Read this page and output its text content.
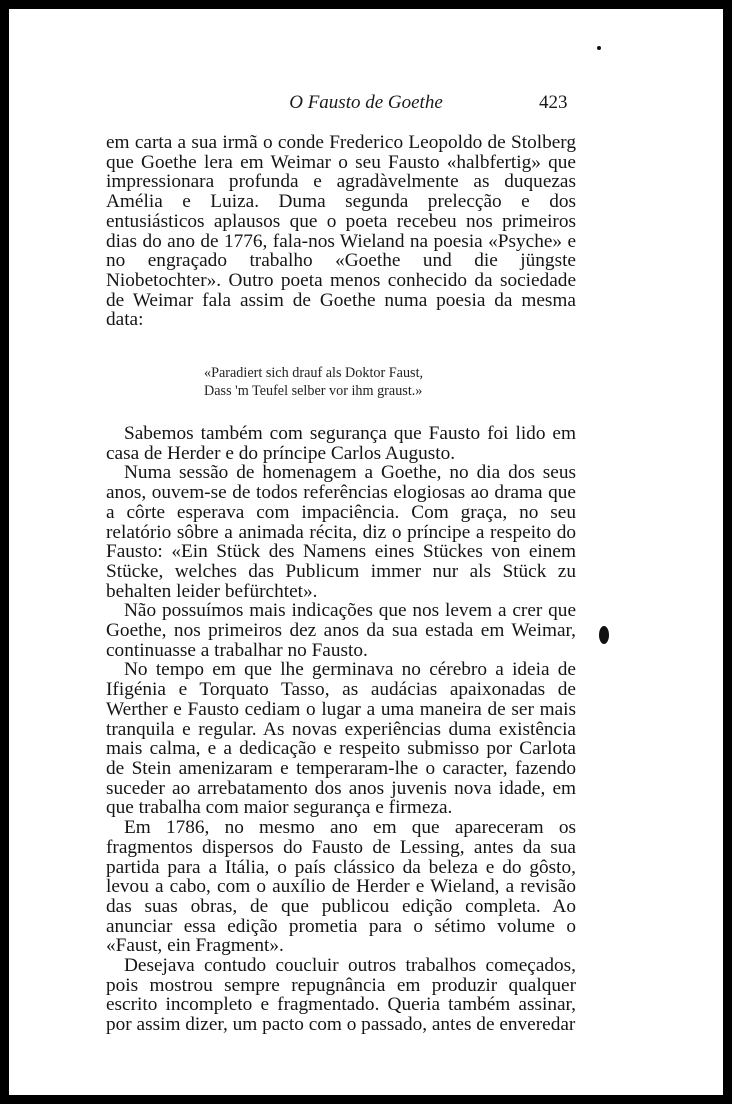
O Fausto de Goethe	423

em carta a sua irmã o conde Frederico Leopoldo de Stolberg que Goethe lera em Weimar o seu Fausto «halbfertig» que impressionara profunda e agradàvelmente as duquezas Amélia e Luiza. Duma segunda prelecção e dos entusiásticos aplausos que o poeta recebeu nos primeiros dias do ano de 1776, fala-nos Wieland na poesia «Psyche» e no engraçado trabalho «Goethe und die jüngste Niobetochter». Outro poeta menos conhecido da sociedade de Weimar fala assim de Goethe numa poesia da mesma data:

«Paradiert sich drauf als Doktor Faust,
Dass 'm Teufel selber vor ihm graust.»

Sabemos também com segurança que Fausto foi lido em casa de Herder e do príncipe Carlos Augusto.

Numa sessão de homenagem a Goethe, no dia dos seus anos, ouvem-se de todos referências elogiosas ao drama que a côrte esperava com impaciência. Com graça, no seu relatório sôbre a animada récita, diz o príncipe a respeito do Fausto: «Ein Stück des Namens eines Stückes von einem Stücke, welches das Publicum immer nur als Stück zu behalten leider befürchtet».

Não possuímos mais indicações que nos levem a crer que Goethe, nos primeiros dez anos da sua estada em Weimar, continuasse a trabalhar no Fausto.

No tempo em que lhe germinava no cérebro a ideia de Ifigénia e Torquato Tasso, as audácias apaixonadas de Werther e Fausto cediam o lugar a uma maneira de ser mais tranquila e regular. As novas experiências duma existência mais calma, e a dedicação e respeito submisso por Carlota de Stein amenizaram e temperaram-lhe o caracter, fazendo suceder ao arrebatamento dos anos juvenis nova idade, em que trabalha com maior segurança e firmeza.

Em 1786, no mesmo ano em que apareceram os fragmentos dispersos do Fausto de Lessing, antes da sua partida para a Itália, o país clássico da beleza e do gôsto, levou a cabo, com o auxílio de Herder e Wieland, a revisão das suas obras, de que publicou edição completa. Ao anunciar essa edição prometia para o sétimo volume o «Faust, ein Fragment».

Desejava contudo coucluir outros trabalhos começados, pois mostrou sempre repugnância em produzir qualquer escrito incompleto e fragmentado. Queria também assinar, por assim dizer, um pacto com o passado, antes de enveredar
